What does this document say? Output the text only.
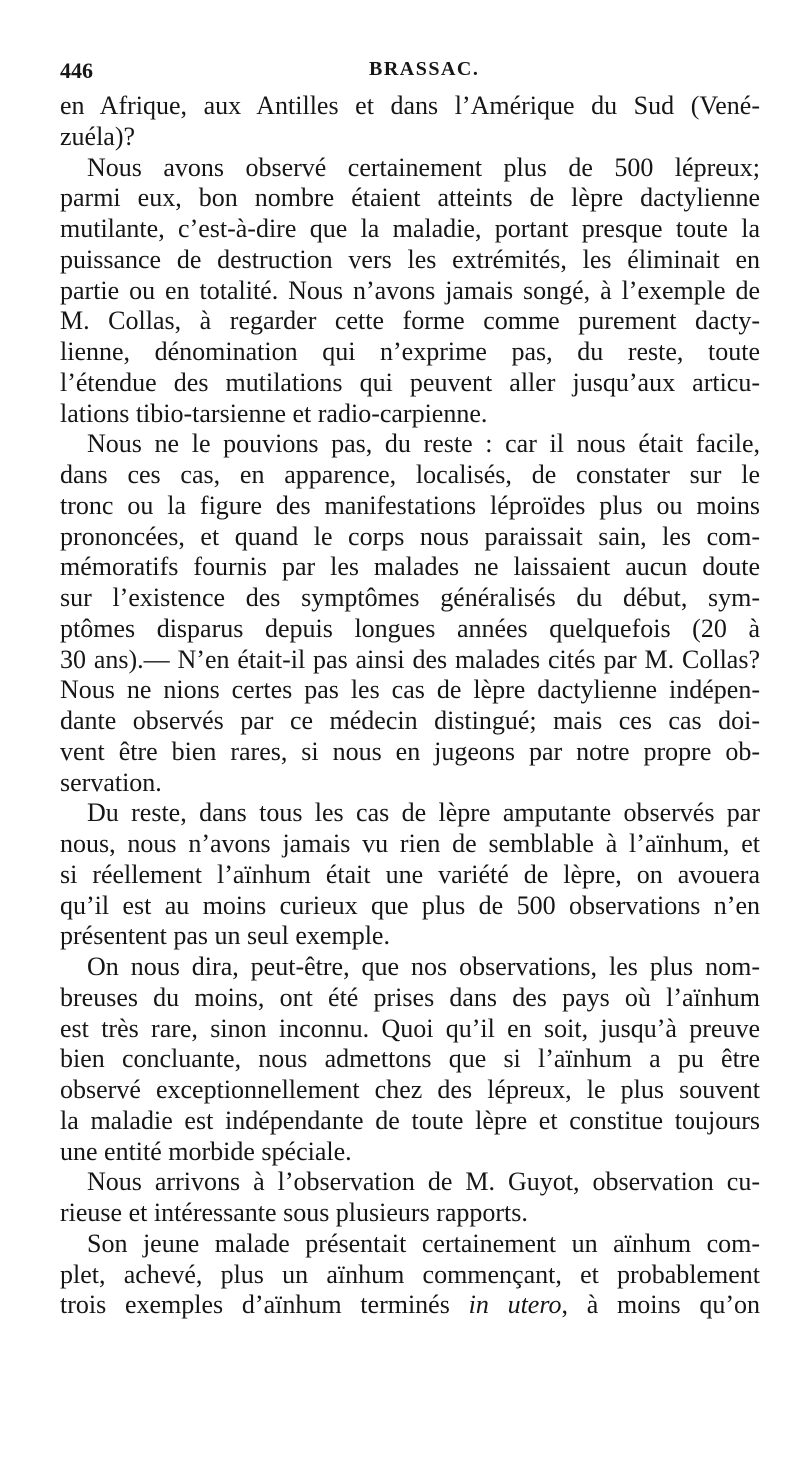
446	BRASSAC.
en Afrique, aux Antilles et dans l’Amérique du Sud (Vené-
zuéla)?
Nous avons observé certainement plus de 500 lépreux;
parmi eux, bon nombre étaient atteints de lèpre dactylienne
mutilante, c’est-à-dire que la maladie, portant presque toute la
puissance de destruction vers les extrémités, les éliminait en
partie ou en totalité. Nous n’avons jamais songé, à l’exemple de
M. Collas, à regarder cette forme comme purement dacty-
lienne, dénomination qui n’exprime pas, du reste, toute
l’étendue des mutilations qui peuvent aller jusqu’aux articu-
lations tibio-tarsienne et radio-carpienne.
Nous ne le pouvions pas, du reste : car il nous était facile,
dans ces cas, en apparence, localisés, de constater sur le
tronc ou la figure des manifestations léproïdes plus ou moins
prononcées, et quand le corps nous paraissait sain, les com-
mémoratifs fournis par les malades ne laissaient aucun doute
sur l’existence des symptômes généralisés du début, sym-
ptômes disparus depuis longues années quelquefois (20 à
30 ans).— N’en était-il pas ainsi des malades cités par M. Collas?
Nous ne nions certes pas les cas de lèpre dactylienne indépen-
dante observés par ce médecin distingué; mais ces cas doi-
vent être bien rares, si nous en jugeons par notre propre ob-
servation.
Du reste, dans tous les cas de lèpre amputante observés par
nous, nous n’avons jamais vu rien de semblable à l’aïnhum, et
si réellement l’aïnhum était une variété de lèpre, on avouera
qu’il est au moins curieux que plus de 500 observations n’en
présentent pas un seul exemple.
On nous dira, peut-être, que nos observations, les plus nom-
breuses du moins, ont été prises dans des pays où l’aïnhum
est très rare, sinon inconnu. Quoi qu’il en soit, jusqu’à preuve
bien concluante, nous admettons que si l’aïnhum a pu être
observé exceptionnellement chez des lépreux, le plus souvent
la maladie est indépendante de toute lèpre et constitue toujours
une entité morbide spéciale.
Nous arrivons à l’observation de M. Guyot, observation cu-
rieuse et intéressante sous plusieurs rapports.
Son jeune malade présentait certainement un aïnhum com-
plet, achevé, plus un aïnhum commençant, et probablement
trois exemples d’aïnhum terminés in utero, à moins qu’on
